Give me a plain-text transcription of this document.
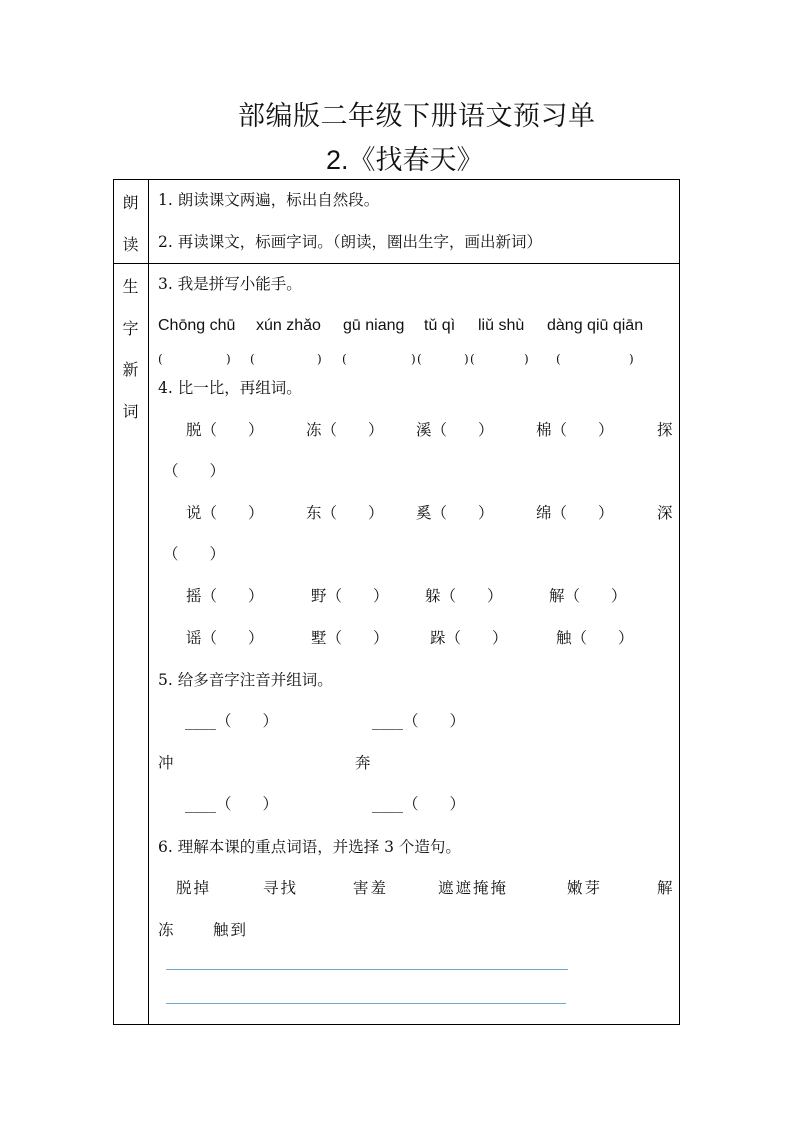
部编版二年级下册语文预习单
2.《找春天》
朗
读
生
字
新
词
1. 朗读课文两遍，标出自然段。
2. 再读课文，标画字词。（朗读，圈出生字，画出新词）
3. 我是拼写小能手。
Chōng chū xún zhǎo gū niang tǔ qì liǔ shù dàng qiū qiān
(	) (	) (	) (	) (	) (	)
4. 比一比，再组词。
脱（　　）	冻（　　） 溪（　　）	棉（　　）	探
（　　）
说（　　）	东（　　） 奚（　　）	绵（　　）	深
（　　）
摇（　　）	野（　　） 躲（　　）	解（　　）
谣（　　）	墅（　　）	跺（　　）	触（　　）
5. 给多音字注音并组词。
____（　　）	____（　　）
冲	奔
____（　　）	____（　　）
6. 理解本课的重点词语，并选择 3 个造句。
脱掉	寻找	害羞	遮遮掩掩	嫩芽	解
冻	触到
